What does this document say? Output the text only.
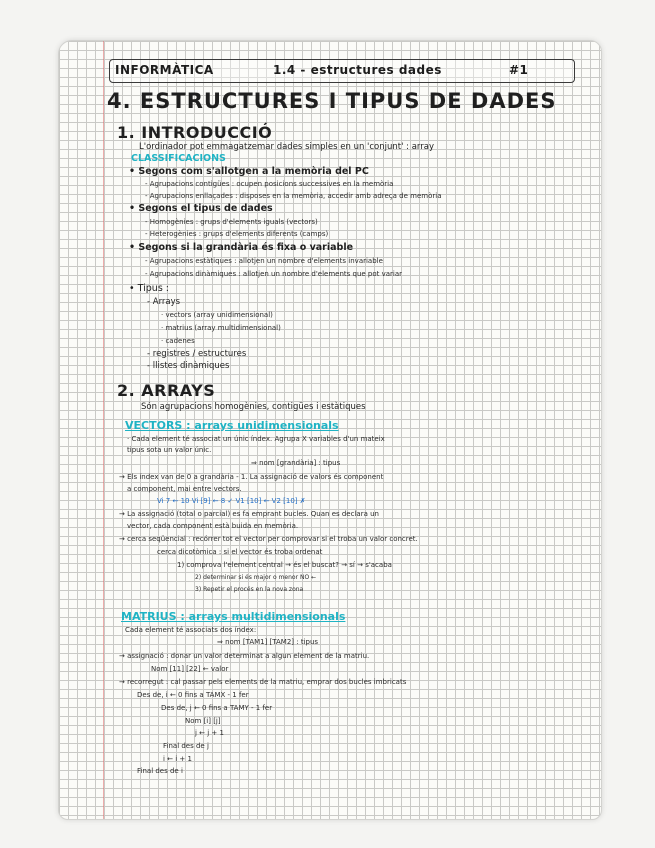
INFORMÀTICA	1.4 - estructures dades	#1
4. ESTRUCTURES I TIPUS DE DADES
1. INTRODUCCIÓ
L'ordinador pot emmagatzemar dades simples en un 'conjunt' : array
CLASSIFICACIONS
• Segons com s'allotgen a la memòria del PC
- Agrupacions contigües : ocupen posicions successives en la memòria
- Agrupacions enllaçades : disposes en la memòria, accedir amb adreça de memòria
• Segons el tipus de dades
- Homogènies : grups d'elements iguals (vectors)
- Heterogènies : grups d'elements diferents (camps)
• Segons si la grandària és fixa o variable
- Agrupacions estàtiques : allotjen un nombre d'elements invariable
- Agrupacions dinàmiques : allotjen un nombre d'elements que pot variar
• Tipus :
- Arrays
· vectors (array unidimensional)
· matrius (array multidimensional)
· cadenes
- registres / estructures
- llistes dinàmiques
2. ARRAYS
Són agrupacions homogènies, contigües i estàtiques
VECTORS : arrays unidimensionals
· Cada element té associat un únic índex. Agrupa X variables d'un mateix
tipus sota un valor únic.
⇒ nom [grandària] : tipus
→ Els índex van de 0 a grandària - 1. La assignació de valors és component
a component, mai entre vectors.
Vi 7 ← 10 Vi [9] ← 8 ✓ V1 [10] ← V2 [10] ✗
→ La assignació (total o parcial) es fa emprant bucles. Quan es declara un
vector, cada component està buida en memòria.
→ cerca seqüencial : recórrer tot el vector per comprovar si el troba un valor concret.
cerca dicotòmica : si el vector és troba ordenat
1) comprova l'element central → és el buscat? → sí → s'acaba
2) determinar si és major o menor NO ←
3) Repetir el procés en la nova zona
MATRIUS : arrays multidimensionals
Cada element té associats dos índex:
⇒ nom [TAM1] [TAM2] : tipus
→ assignació : donar un valor determinat a algun element de la matriu.
Nom [11] [22] ← valor
→ recorregut : cal passar pels elements de la matriu, emprar dos bucles imbricats
Des de, i ← 0 fins a TAMX - 1 fer
Des de, j ← 0 fins a TAMY - 1 fer
Nom [i] [j]
j ← j + 1
Final des de j
i ← i + 1
Final des de i
